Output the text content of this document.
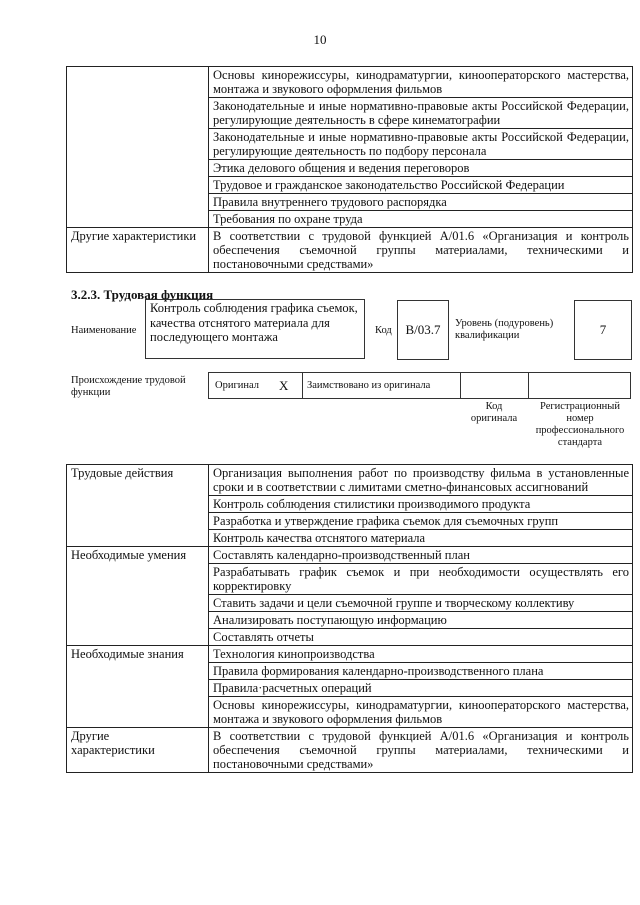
10
	Основы кинорежиссуры, кинодраматургии, кинооператорского мастерства, монтажа и звукового оформления фильмов
	Законодательные и иные нормативно-правовые акты Российской Федерации, регулирующие деятельность в сфере кинематографии
	Законодательные и иные нормативно-правовые акты Российской Федерации, регулирующие деятельность по подбору персонала
	Этика делового общения и ведения переговоров
	Трудовое и гражданское законодательство Российской Федерации
	Правила внутреннего трудового распорядка
	Требования по охране труда
Другие характеристики	В соответствии с трудовой функцией А/01.6 «Организация и контроль обеспечения съемочной группы материалами, техническими и постановочными средствами»
3.2.3. Трудовая функция
Наименование
Контроль соблюдения графика съемок, качества отснятого материала для последующего монтажа	Код B/03.7 Уровень (подуровень) квалификации	7
Происхождение трудовой функции
Оригинал X Заимствовано из оригинала
Код оригинала
Регистрационный номер профессионального стандарта
Трудовые действия	Организация выполнения работ по производству фильма в установленные сроки и в соответствии с лимитами сметно-финансовых ассигнований
	Контроль соблюдения стилистики производимого продукта
	Разработка и утверждение графика съемок для съемочных групп
	Контроль качества отснятого материала
Необходимые умения	Составлять календарно-производственный план
	Разрабатывать график съемок и при необходимости осуществлять его корректировку
	Ставить задачи и цели съемочной группе и творческому коллективу
	Анализировать поступающую информацию
	Составлять отчеты
Необходимые знания	Технология кинопроизводства
	Правила формирования календарно-производственного плана
	Правила·расчетных операций
	Основы кинорежиссуры, кинодраматургии, кинооператорского мастерства, монтажа и звукового оформления фильмов
Другие характеристики	В соответствии с трудовой функцией А/01.6 «Организация и контроль обеспечения съемочной группы материалами, техническими и постановочными средствами»
